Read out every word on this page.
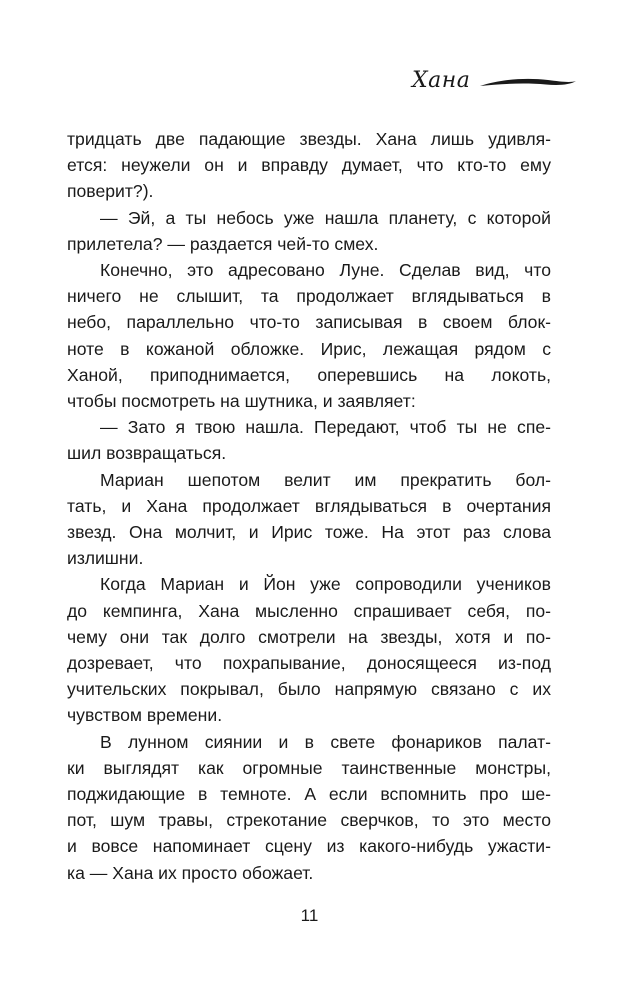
Хана

тридцать две падающие звезды. Хана лишь удивля-
ется: неужели он и вправду думает, что кто-то ему
поверит?).

— Эй, а ты небось уже нашла планету, с которой
прилетела? — раздается чей-то смех.

Конечно, это адресовано Луне. Сделав вид, что
ничего не слышит, та продолжает вглядываться в
небо, параллельно что-то записывая в своем блок-
ноте в кожаной обложке. Ирис, лежащая рядом с
Ханой, приподнимается, оперевшись на локоть,
чтобы посмотреть на шутника, и заявляет:

— Зато я твою нашла. Передают, чтоб ты не спе-
шил возвращаться.

Мариан шепотом велит им прекратить бол-
тать, и Хана продолжает вглядываться в очертания
звезд. Она молчит, и Ирис тоже. На этот раз слова
излишни.

Когда Мариан и Йон уже сопроводили учеников
до кемпинга, Хана мысленно спрашивает себя, по-
чему они так долго смотрели на звезды, хотя и по-
дозревает, что похрапывание, доносящееся из-под
учительских покрывал, было напрямую связано с их
чувством времени.

В лунном сиянии и в свете фонариков палат-
ки выглядят как огромные таинственные монстры,
поджидающие в темноте. А если вспомнить про ше-
пот, шум травы, стрекотание сверчков, то это место
и вовсе напоминает сцену из какого-нибудь ужасти-
ка — Хана их просто обожает.

11
